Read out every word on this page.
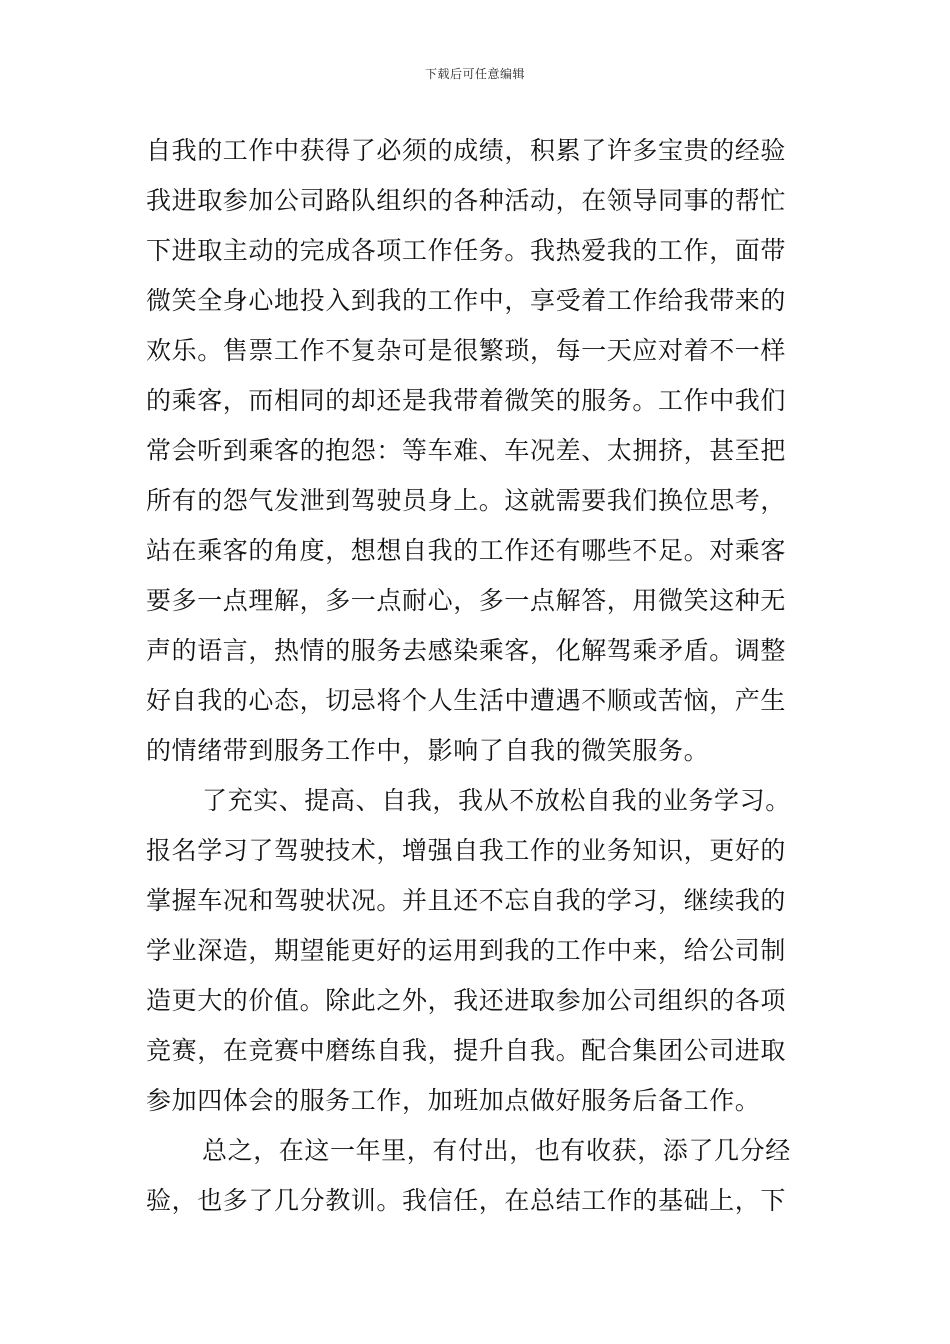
下载后可任意编辑
自我的工作中获得了必须的成绩，积累了许多宝贵的经验
我进取参加公司路队组织的各种活动，在领导同事的帮忙
下进取主动的完成各项工作任务。我热爱我的工作，面带
微笑全身心地投入到我的工作中，享受着工作给我带来的
欢乐。售票工作不复杂可是很繁琐，每一天应对着不一样
的乘客，而相同的却还是我带着微笑的服务。工作中我们
常会听到乘客的抱怨：等车难、车况差、太拥挤，甚至把
所有的怨气发泄到驾驶员身上。这就需要我们换位思考，
站在乘客的角度，想想自我的工作还有哪些不足。对乘客
要多一点理解，多一点耐心，多一点解答，用微笑这种无
声的语言，热情的服务去感染乘客，化解驾乘矛盾。调整
好自我的心态，切忌将个人生活中遭遇不顺或苦恼，产生
的情绪带到服务工作中，影响了自我的微笑服务。
了充实、提高、自我，我从不放松自我的业务学习。
报名学习了驾驶技术，增强自我工作的业务知识，更好的
掌握车况和驾驶状况。并且还不忘自我的学习，继续我的
学业深造，期望能更好的运用到我的工作中来，给公司制
造更大的价值。除此之外，我还进取参加公司组织的各项
竞赛，在竞赛中磨练自我，提升自我。配合集团公司进取
参加四体会的服务工作，加班加点做好服务后备工作。
总之，在这一年里，有付出，也有收获，添了几分经
验，也多了几分教训。我信任，在总结工作的基础上，下
